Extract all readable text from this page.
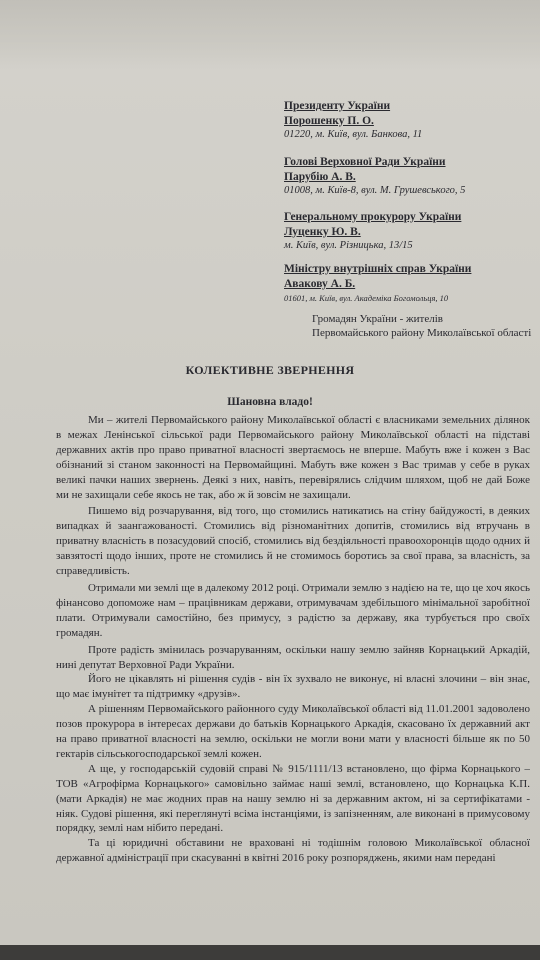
Президенту України
Порошенку П. О.
01220, м. Київ, вул. Банкова, 11
Голові Верховної Ради України
Парубію А. В.
01008, м. Київ-8, вул. М. Грушевського, 5
Генеральному прокурору України
Луценку Ю. В.
м. Київ, вул. Різницька, 13/15
Міністру внутрішніх справ України
Авакову А. Б.
01601, м. Київ, вул. Академіка Богомольця, 10
Громадян України - жителів
Первомайського району Миколаївської області
КОЛЕКТИВНЕ ЗВЕРНЕННЯ
Шановна владо!

Ми – жителі Первомайського району Миколаївської області є власниками земельних ділянок в межах Ленінської сільської ради Первомайського району Миколаївської області на підставі державних актів про право приватної власності звертаємось не вперше. Мабуть вже і кожен з Вас обізнаний зі станом законності на Первомайщині. Мабуть вже кожен з Вас тримав у себе в руках великі пачки наших звернень. Деякі з них, навіть, перевірялись слідчим шляхом, щоб не дай Боже ми не захищали себе якось не так, або ж й зовсім не захищали.

Пишемо від розчарування, від того, що стомились натикатись на стіну байдужості, в деяких випадках й заангажованості. Стомились від різноманітних допитів, стомились від втручань в приватну власність в позасудовий спосіб, стомились від бездіяльності правоохоронців щодо одних й завзятості щодо інших, проте не стомились й не стомимось боротись за свої права, за власність, за справедливість.

Отримали ми землі ще в далекому 2012 році. Отримали землю з надією на те, що це хоч якось фінансово допоможе нам – працівникам держави, отримувачам здебільшого мінімальної заробітної плати. Отримували самостійно, без примусу, з радістю за державу, яка турбується про своїх громадян.

Проте радість змінилась розчаруванням, оскільки нашу землю зайняв Корнацький Аркадій, нині депутат Верховної Ради України.

Його не цікавлять ні рішення судів - він їх зухвало не виконує, ні власні злочини – він знає, що має імунітет та підтримку «друзів».

А рішенням Первомайського районного суду Миколаївської області від 11.01.2001 задоволено позов прокурора в інтересах держави до батьків Корнацького Аркадія, скасовано їх державний акт на право приватної власності на землю, оскільки не могли вони мати у власності більше як по 50 гектарів сільськогосподарської землі кожен.

А ще, у господарській судовій справі № 915/1111/13 встановлено, що фірма Корнацького – ТОВ «Агрофірма Корнацького» самовільно займає наші землі, встановлено, що Корнацька К.П. (мати Аркадія) не має жодних прав на нашу землю ні за державним актом, ні за сертифікатами - ніяк. Судові рішення, які переглянуті всіма інстанціями, із запізненням, але виконані в примусовому порядку, землі нам нібито передані.

Та ці юридичні обставини не враховані ні тодішнім головою Миколаївської обласної державної адміністрації при скасуванні в квітні 2016 року розпоряджень, якими нам передані
